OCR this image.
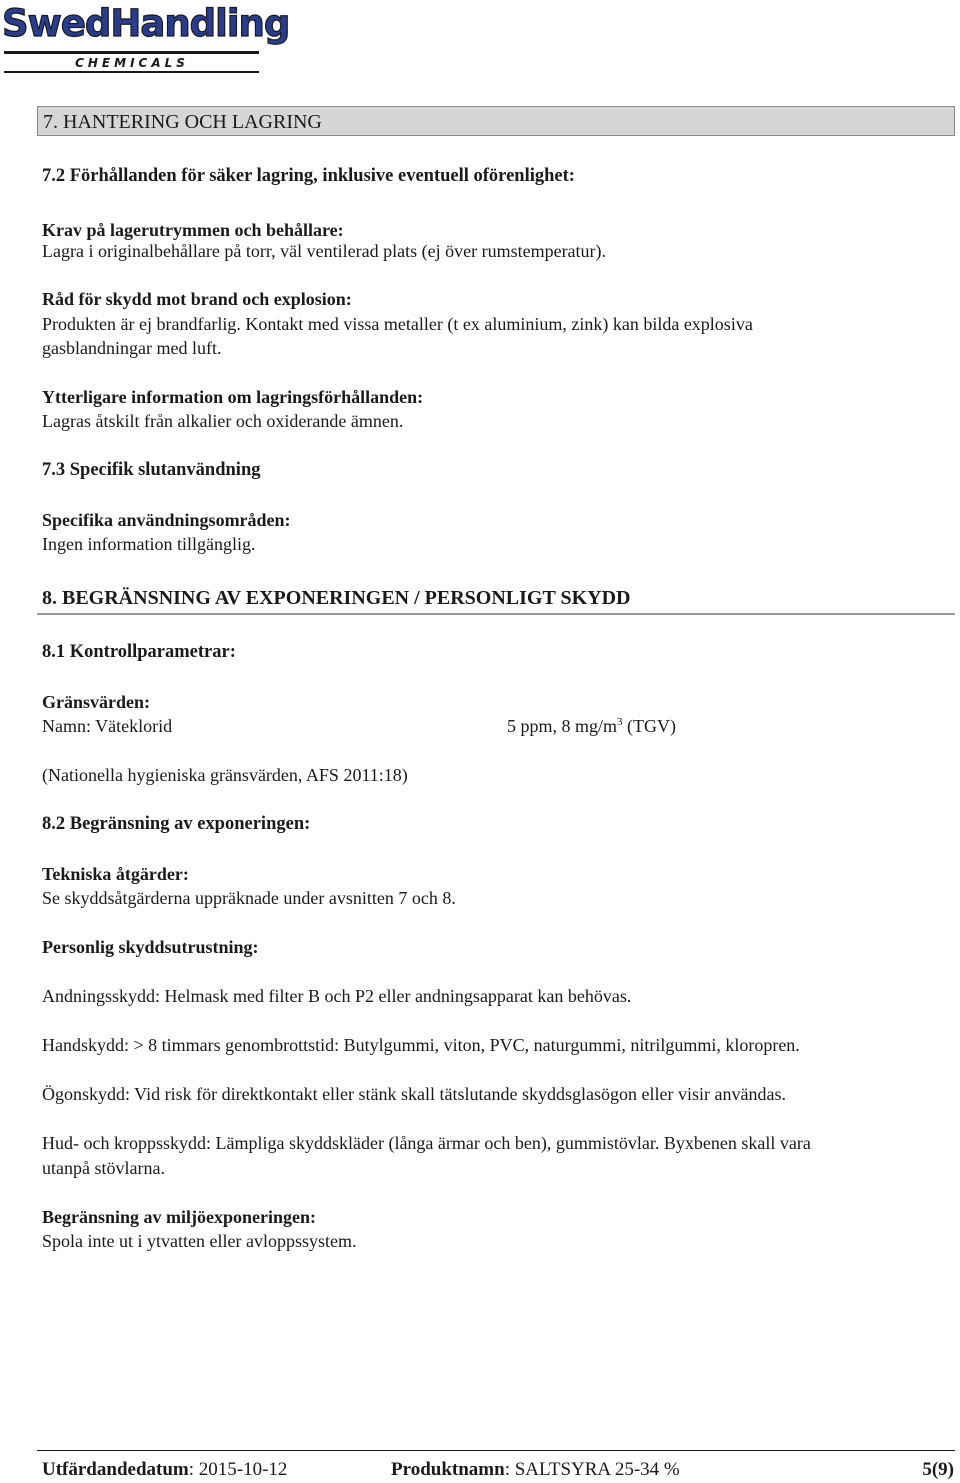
SwedHandling
CHEMICALS
7. HANTERING OCH LAGRING
7.2 Förhållanden för säker lagring, inklusive eventuell oförenlighet:
Krav på lagerutrymmen och behållare:
Lagra i originalbehållare på torr, väl ventilerad plats (ej över rumstemperatur).
Råd för skydd mot brand och explosion:
Produkten är ej brandfarlig. Kontakt med vissa metaller (t ex aluminium, zink) kan bilda explosiva
gasblandningar med luft.
Ytterligare information om lagringsförhållanden:
Lagras åtskilt från alkalier och oxiderande ämnen.
7.3 Specifik slutanvändning
Specifika användningsområden:
Ingen information tillgänglig.
8. BEGRÄNSNING AV EXPONERINGEN / PERSONLIGT SKYDD
8.1 Kontrollparametrar:
Gränsvärden:
Namn: Väteklorid	5 ppm, 8 $mg/m^3$ (TGV)
(Nationella hygieniska gränsvärden, AFS 2011:18)
8.2 Begränsning av exponeringen:
Tekniska åtgärder:
Se skyddsåtgärderna uppräknade under avsnitten 7 och 8.
Personlig skyddsutrustning:
Andningsskydd: Helmask med filter B och P2 eller andningsapparat kan behövas.
Handskydd: > 8 timmars genombrottstid: Butylgummi, viton, PVC, naturgummi, nitrilgummi, kloropren.
Ögonskydd: Vid risk för direktkontakt eller stänk skall tätslutande skyddsglasögon eller visir användas.
Hud- och kroppsskydd: Lämpliga skyddskläder (långa ärmar och ben), gummistövlar. Byxbenen skall vara
utanpå stövlarna.
Begränsning av miljöexponeringen:
Spola inte ut i ytvatten eller avloppssystem.
Utfärdandedatum: 2015-10-12	Produktnamn: SALTSYRA 25-34 %	5(9)
